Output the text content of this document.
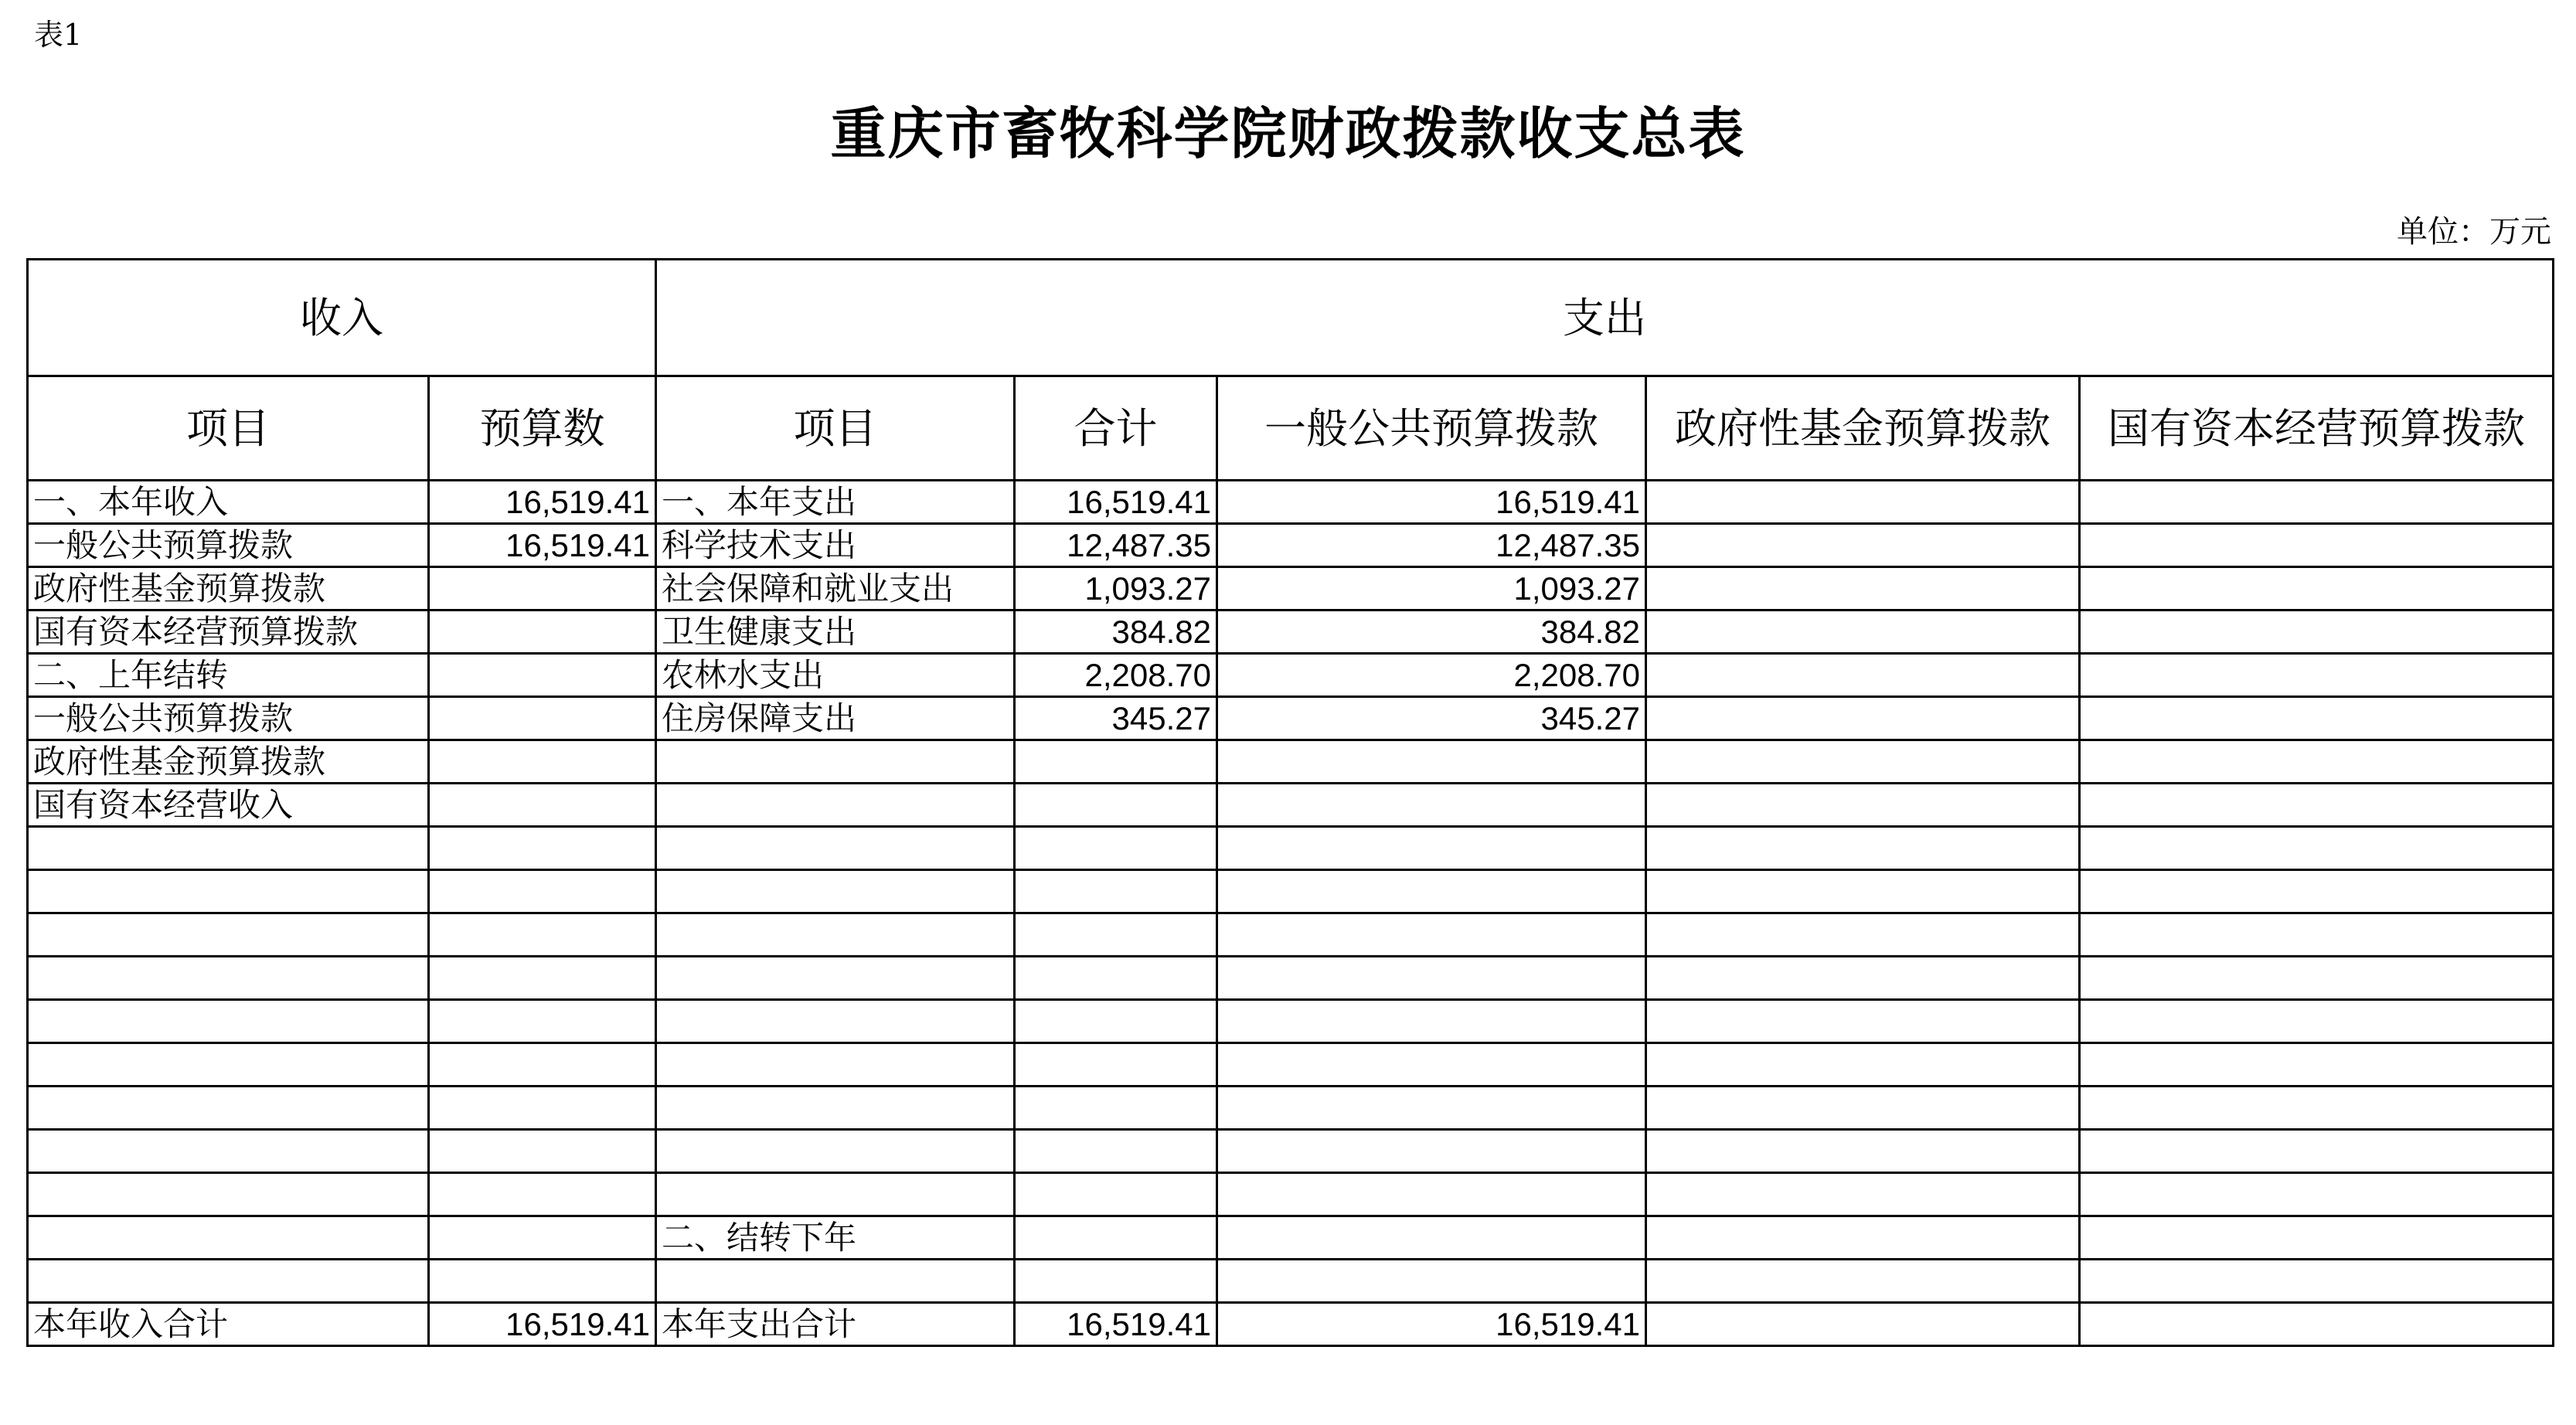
表1
重庆市畜牧科学院财政拨款收支总表
单位：万元
收入		支出				
项目	预算数	项目	合计	一般公共预算拨款	政府性基金预算拨款	国有资本经营预算拨款
一、本年收入	16,519.41	一、本年支出	16,519.41	16,519.41		
一般公共预算拨款	16,519.41	科学技术支出	12,487.35	12,487.35		
政府性基金预算拨款		社会保障和就业支出	1,093.27	1,093.27		
国有资本经营预算拨款		卫生健康支出	384.82	384.82		
二、上年结转		农林水支出	2,208.70	2,208.70		
一般公共预算拨款		住房保障支出	345.27	345.27		
政府性基金预算拨款						
国有资本经营收入						

		二、结转下年				

本年收入合计	16,519.41	本年支出合计	16,519.41	16,519.41		
